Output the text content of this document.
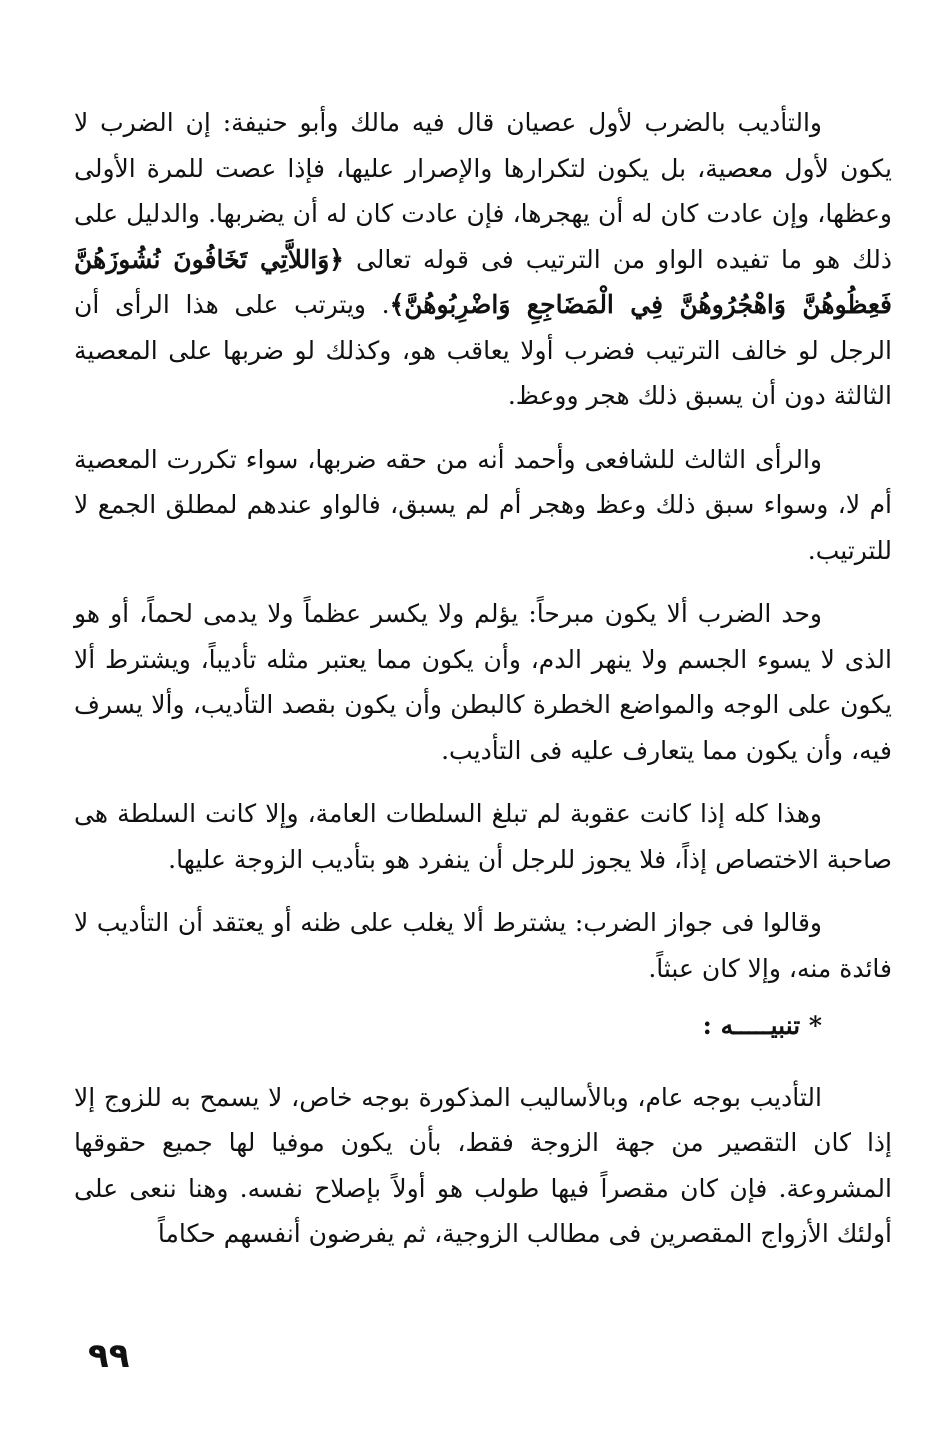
والتأديب بالضرب لأول عصيان قال فيه مالك وأبو حنيفة: إن الضرب لا يكون لأول معصية، بل يكون لتكرارها والإصرار عليها، فإذا عصت للمرة الأولى وعظها، وإن عادت كان له أن يهجرها، فإن عادت كان له أن يضربها. والدليل على ذلك هو ما تفيده الواو من الترتيب فى قوله تعالى ﴿وَاللاَّتِي تَخَافُونَ نُشُوزَهُنَّ فَعِظُوهُنَّ وَاهْجُرُوهُنَّ فِي الْمَضَاجِعِ وَاضْرِبُوهُنَّ﴾. ويترتب على هذا الرأى أن الرجل لو خالف الترتيب فضرب أولا يعاقب هو، وكذلك لو ضربها على المعصية الثالثة دون أن يسبق ذلك هجر ووعظ.

والرأى الثالث للشافعى وأحمد أنه من حقه ضربها، سواء تكررت المعصية أم لا، وسواء سبق ذلك وعظ وهجر أم لم يسبق، فالواو عندهم لمطلق الجمع لا للترتيب.

وحد الضرب ألا يكون مبرحاً: يؤلم ولا يكسر عظماً ولا يدمى لحماً، أو هو الذى لا يسوء الجسم ولا ينهر الدم، وأن يكون مما يعتبر مثله تأديباً، ويشترط ألا يكون على الوجه والمواضع الخطرة كالبطن وأن يكون بقصد التأديب، وألا يسرف فيه، وأن يكون مما يتعارف عليه فى التأديب.

وهذا كله إذا كانت عقوبة لم تبلغ السلطات العامة، وإلا كانت السلطة هى صاحبة الاختصاص إذاً، فلا يجوز للرجل أن ينفرد هو بتأديب الزوجة عليها.

وقالوا فى جواز الضرب: يشترط ألا يغلب على ظنه أو يعتقد أن التأديب لا فائدة منه، وإلا كان عبثاً.

* تنبيـــــه :

التأديب بوجه عام، وبالأساليب المذكورة بوجه خاص، لا يسمح به للزوج إلا إذا كان التقصير من جهة الزوجة فقط، بأن يكون موفيا لها جميع حقوقها المشروعة. فإن كان مقصراً فيها طولب هو أولاً بإصلاح نفسه. وهنا ننعى على أولئك الأزواج المقصرين فى مطالب الزوجية، ثم يفرضون أنفسهم حكاماً

٩٩
